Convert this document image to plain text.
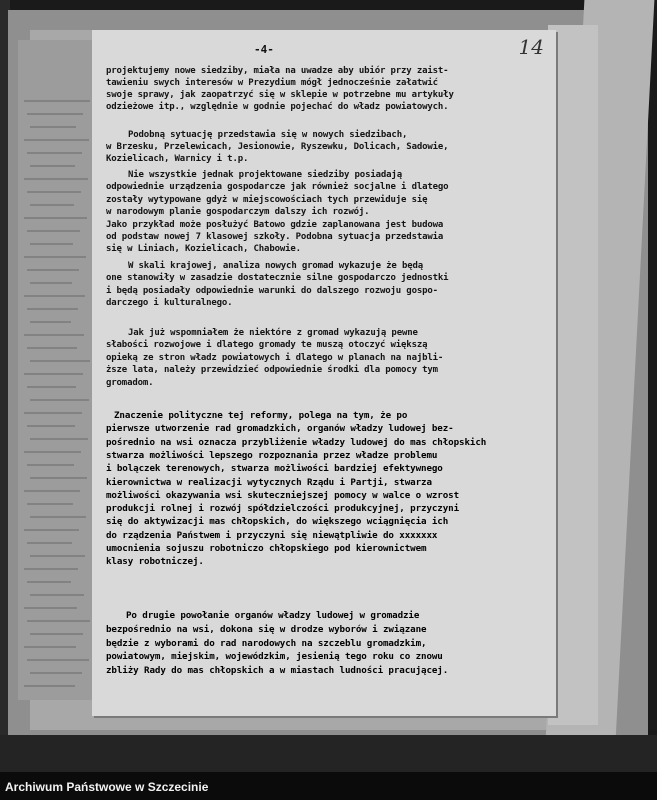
-4-	14
projektujemy nowe siedziby, miała na uwadze aby ubiór przy zaist-
tawieniu swych interesów w Prezydium mógł jednocześnie załatwić
swoje sprawy, jak zaopatrzyć się w sklepie w potrzebne mu artykuły
odzieżowe itp., względnie w godnie pojechać do władz powiatowych.
Podobną sytuację przedstawia się w nowych siedzibach,
w Brzesku, Przelewicach, Jesionowie, Ryszewku, Dolicach, Sadowie,
Kozielicach, Warnicy i t.p.
Nie wszystkie jednak projektowane siedziby posiadają
odpowiednie urządzenia gospodarcze jak również socjalne i dlatego
zostały wytypowane gdyż w miejscowościach tych przewiduje się
w narodowym planie gospodarczym dalszy ich rozwój.
Jako przykład może posłużyć Batowo gdzie zaplanowana jest budowa
od podstaw nowej 7 klasowej szkoły. Podobna sytuacja przedstawia
się w Liniach, Kozielicach, Chabowie.
W skali krajowej, analiza nowych gromad wykazuje że będą
one stanowiły w zasadzie dostatecznie silne gospodarczo jednostki
i będą posiadały odpowiednie warunki do dalszego rozwoju gospo-
darczego i kulturalnego.
Jak już wspomniałem że niektóre z gromad wykazują pewne
słabości rozwojowe i dlatego gromady te muszą otoczyć większą
opieką ze stron władz powiatowych i dlatego w planach na najbli-
ższe lata, należy przewidzieć odpowiednie środki dla pomocy tym
gromadom.
Znaczenie polityczne tej reformy, polega na tym, że po
pierwsze utworzenie rad gromadzkich, organów władzy ludowej bez-
pośrednio na wsi oznacza przybliżenie władzy ludowej do mas chłopskich
stwarza możliwości lepszego rozpoznania przez władze problemu
i bolączek terenowych, stwarza możliwości bardziej efektywnego
kierownictwa w realizacji wytycznych Rządu i Partji, stwarza
możliwości okazywania wsi skuteczniejszej pomocy w walce o wzrost
produkcji rolnej i rozwój spółdzielczości produkcyjnej, przyczyni
się do aktywizacji mas chłopskich, do większego wciągnięcia ich
do rządzenia Państwem i przyczyni się niewątpliwie do xxxxxxx
umocnienia sojuszu robotniczo chłopskiego pod kierownictwem
klasy robotniczej.
Po drugie powołanie organów władzy ludowej w gromadzie
bezpośrednio na wsi, dokona się w drodze wyborów i związane
będzie z wyborami do rad narodowych na szczeblu gromadzkim,
powiatowym, miejskim, wojewódzkim, jesienią tego roku co znowu
zbliży Rady do mas chłopskich a w miastach ludności pracującej.
Archiwum Państwowe w Szczecinie
